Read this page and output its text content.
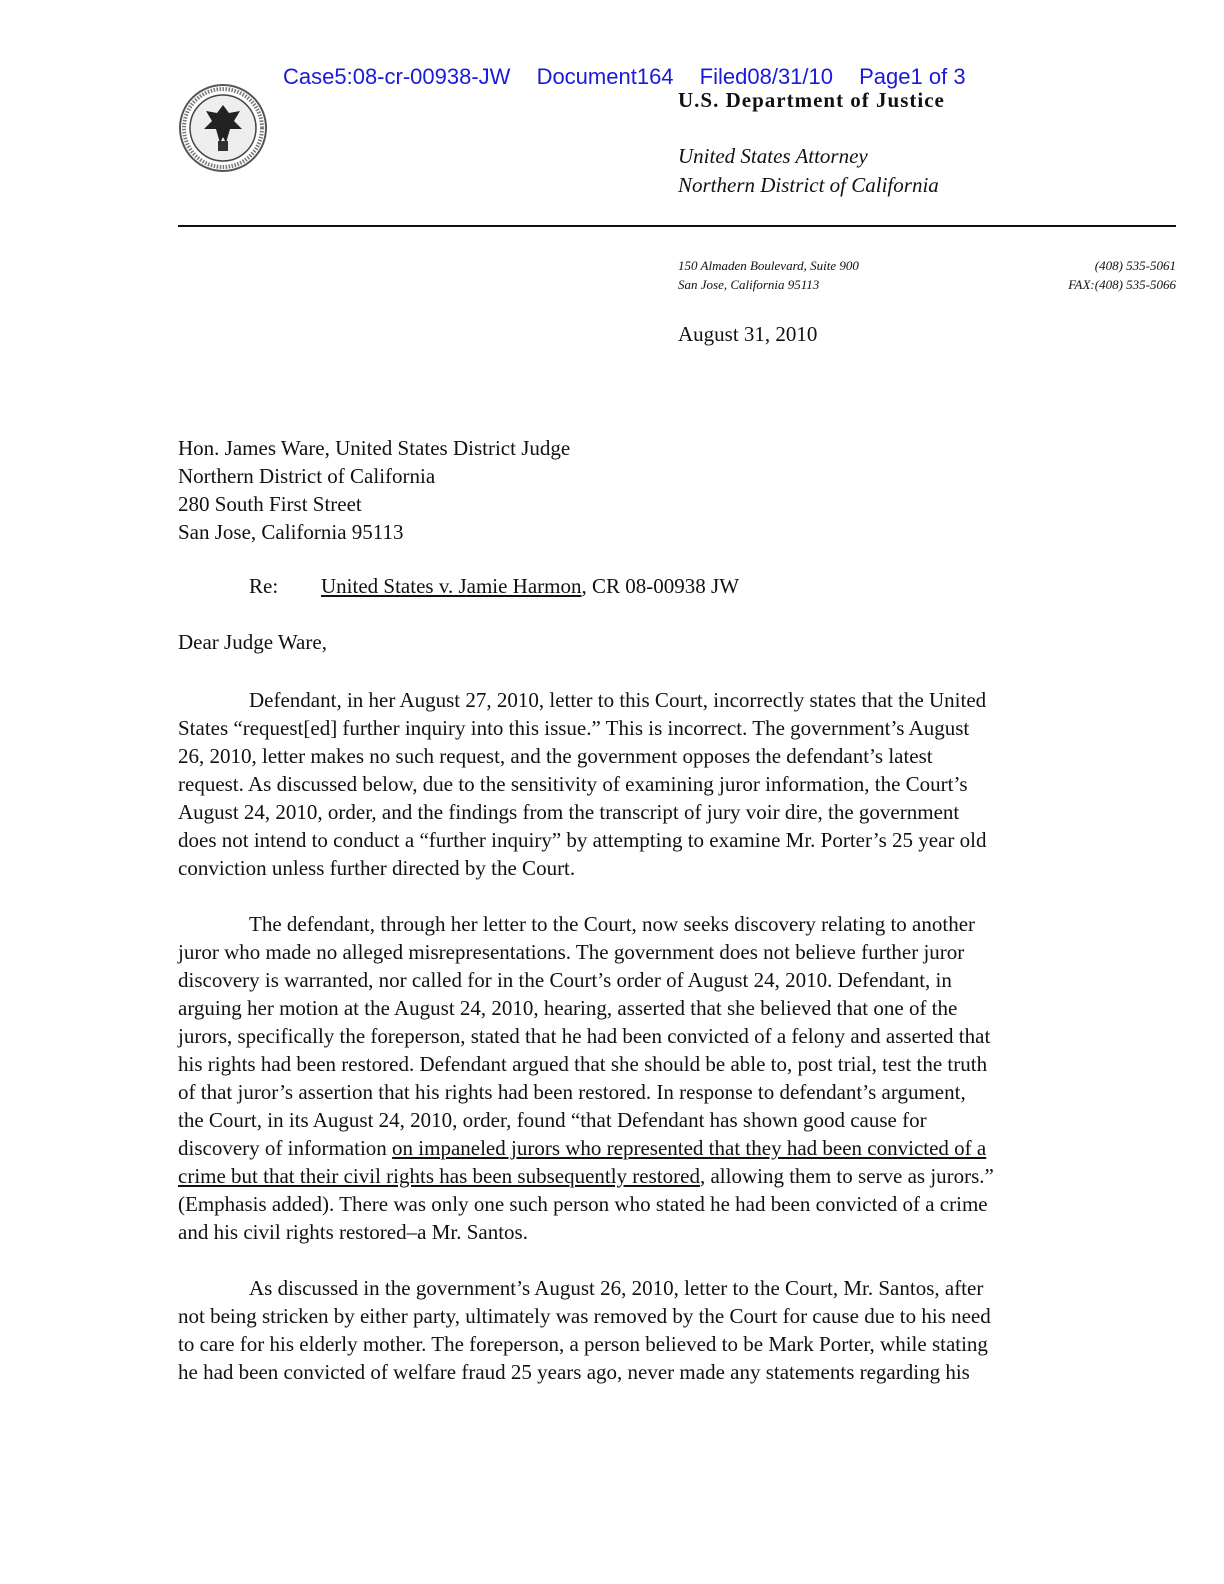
Case5:08-cr-00938-JW Document164 Filed08/31/10 Page1 of 3
U.S. Department of Justice
United States Attorney
Northern District of California
150 Almaden Boulevard, Suite 900
San Jose, California 95113
(408) 535-5061
FAX:(408) 535-5066
August 31, 2010
Hon. James Ware, United States District Judge
Northern District of California
280 South First Street
San Jose, California 95113
Re: United States v. Jamie Harmon, CR 08-00938 JW
Dear Judge Ware,
Defendant, in her August 27, 2010, letter to this Court, incorrectly states that the United
States “request[ed] further inquiry into this issue.” This is incorrect. The government’s August
26, 2010, letter makes no such request, and the government opposes the defendant’s latest
request. As discussed below, due to the sensitivity of examining juror information, the Court’s
August 24, 2010, order, and the findings from the transcript of jury voir dire, the government
does not intend to conduct a “further inquiry” by attempting to examine Mr. Porter’s 25 year old
conviction unless further directed by the Court.
The defendant, through her letter to the Court, now seeks discovery relating to another
juror who made no alleged misrepresentations. The government does not believe further juror
discovery is warranted, nor called for in the Court’s order of August 24, 2010. Defendant, in
arguing her motion at the August 24, 2010, hearing, asserted that she believed that one of the
jurors, specifically the foreperson, stated that he had been convicted of a felony and asserted that
his rights had been restored. Defendant argued that she should be able to, post trial, test the truth
of that juror’s assertion that his rights had been restored. In response to defendant’s argument,
the Court, in its August 24, 2010, order, found “that Defendant has shown good cause for
discovery of information on impaneled jurors who represented that they had been convicted of a
crime but that their civil rights has been subsequently restored, allowing them to serve as jurors.”
(Emphasis added). There was only one such person who stated he had been convicted of a crime
and his civil rights restored–a Mr. Santos.
As discussed in the government’s August 26, 2010, letter to the Court, Mr. Santos, after
not being stricken by either party, ultimately was removed by the Court for cause due to his need
to care for his elderly mother. The foreperson, a person believed to be Mark Porter, while stating
he had been convicted of welfare fraud 25 years ago, never made any statements regarding his
